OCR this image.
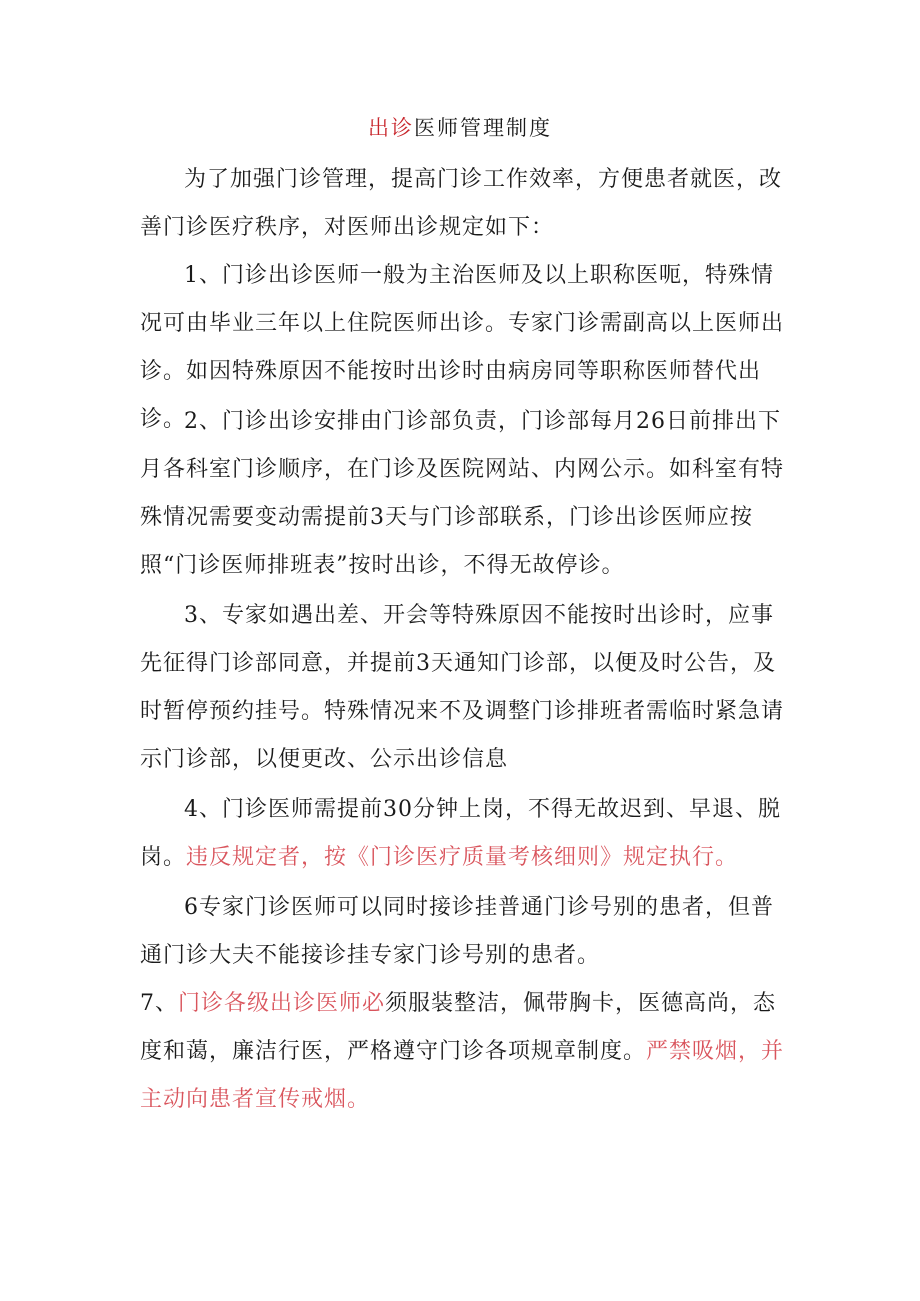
出诊医师管理制度

为了加强门诊管理，提高门诊工作效率，方便患者就医，改善门诊医疗秩序，对医师出诊规定如下：

1、门诊出诊医师一般为主治医师及以上职称医呃，特殊情况可由毕业三年以上住院医师出诊。专家门诊需副高以上医师出诊。如因特殊原因不能按时出诊时由病房同等职称医师替代出诊。

2、门诊出诊安排由门诊部负责，门诊部每月26日前排出下月各科室门诊顺序，在门诊及医院网站、内网公示。如科室有特殊情况需要变动需提前3天与门诊部联系，门诊出诊医师应按照“门诊医师排班表”按时出诊，不得无故停诊。

3、专家如遇出差、开会等特殊原因不能按时出诊时，应事先征得门诊部同意，并提前3天通知门诊部，以便及时公告，及时暂停预约挂号。特殊情况来不及调整门诊排班者需临时紧急请示门诊部，以便更改、公示出诊信息

4、门诊医师需提前30分钟上岗，不得无故迟到、早退、脱岗。违反规定者，按《门诊医疗质量考核细则》规定执行。

6专家门诊医师可以同时接诊挂普通门诊号别的患者，但普通门诊大夫不能接诊挂专家门诊号别的患者。

7、门诊各级出诊医师必须服装整洁，佩带胸卡，医德高尚，态度和蔼，廉洁行医，严格遵守门诊各项规章制度。严禁吸烟，并主动向患者宣传戒烟。
